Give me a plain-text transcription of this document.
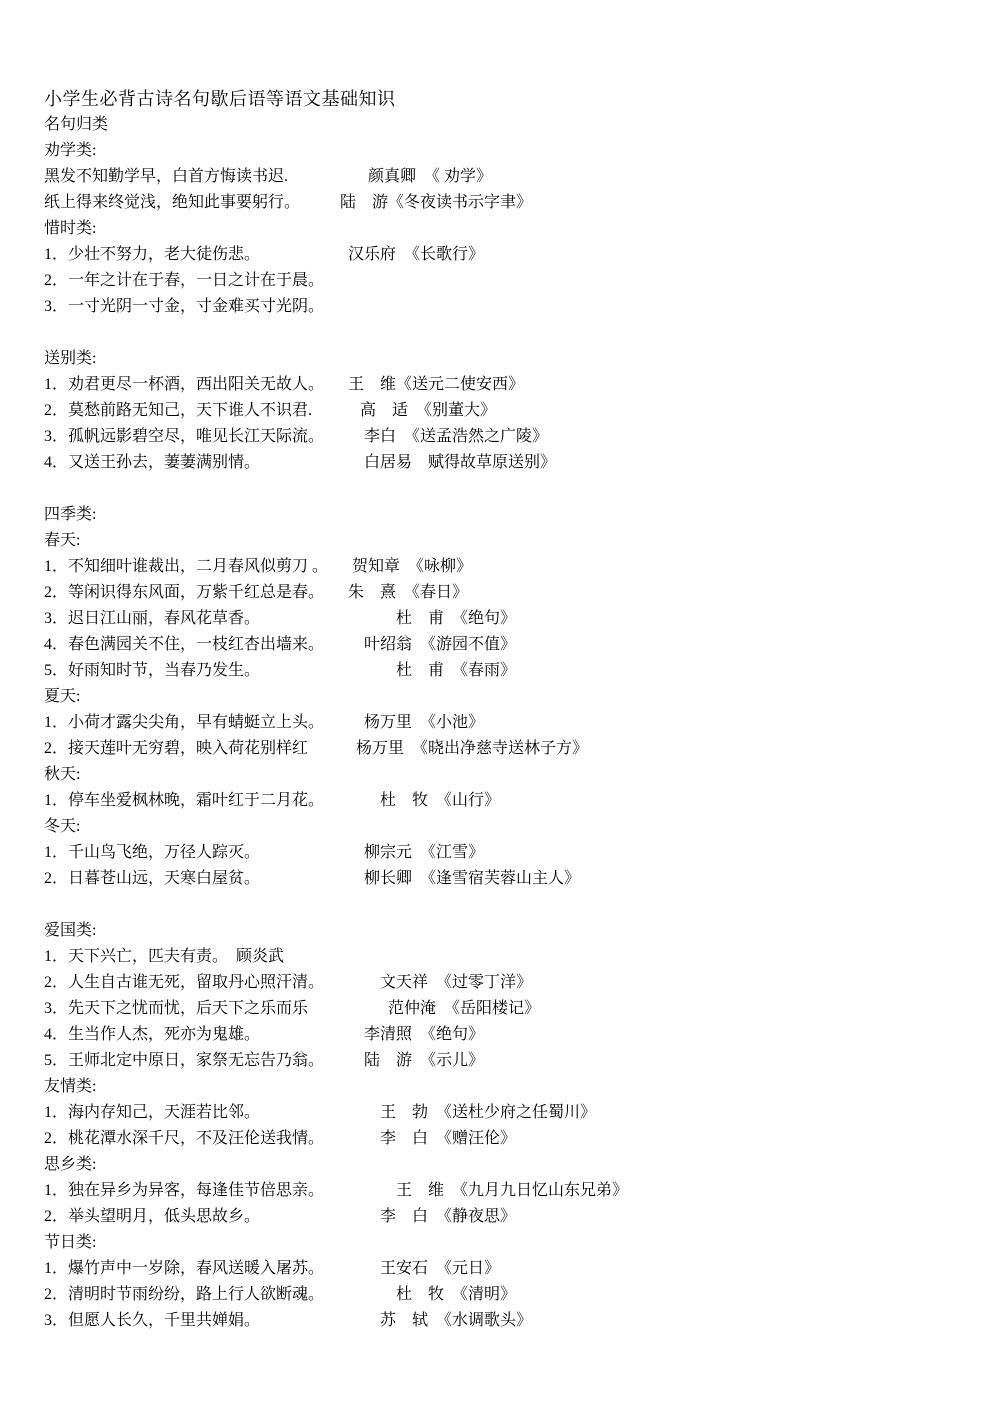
小学生必背古诗名句歇后语等语文基础知识
名句归类
劝学类:
黑发不知勤学早，白首方悔读书迟.　　　　　颜真卿　《 劝学》
纸上得来终觉浅，绝知此事要躬行。　　　陆　游《冬夜读书示字聿》
惜时类:
1．少壮不努力，老大徒伤悲。　　　　　　汉乐府　《长歌行》
2．一年之计在于春，一日之计在于晨。
3．一寸光阴一寸金，寸金难买寸光阴。
送别类:
1．劝君更尽一杯酒，西出阳关无故人。　　王　维《送元二使安西》
2．莫愁前路无知己，天下谁人不识君.　　　高　适　《别董大》
3．孤帆远影碧空尽，唯见长江天际流。　　　李白　《送孟浩然之广陵》
4．又送王孙去，萋萋满别情。　　　　　　　白居易　赋得故草原送别》
四季类:
春天:
1．不知细叶谁裁出，二月春风似剪刀 。　　贺知章　《咏柳》
2．等闲识得东风面，万紫千红总是春。　　朱　熹　《春日》
3．迟日江山丽，春风花草香。　　　　　　　　　杜　甫　《绝句》
4．春色满园关不住，一枝红杏出墙来。　　　叶绍翁　《游园不值》
5．好雨知时节，当春乃发生。　　　　　　　　　杜　甫　《春雨》
夏天:
1．小荷才露尖尖角，早有蜻蜓立上头。　　　杨万里　《小池》
2．接天莲叶无穷碧，映入荷花别样红　　　杨万里　《晓出净慈寺送林子方》
秋天:
1．停车坐爱枫林晚，霜叶红于二月花。　　　　杜　牧　《山行》
冬天:
1．千山鸟飞绝，万径人踪灭。　　　　　　　柳宗元　《江雪》
2．日暮苍山远，天寒白屋贫。　　　　　　　柳长卿　《逢雪宿芙蓉山主人》
爱国类:
1．天下兴亡，匹夫有责。　顾炎武
2．人生自古谁无死，留取丹心照汗清。　　　　文天祥　《过零丁洋》
3．先天下之忧而忧，后天下之乐而乐　　　　　范仲淹　《岳阳楼记》
4．生当作人杰，死亦为鬼雄。　　　　　　　李清照　《绝句》
5．王师北定中原日，家祭无忘告乃翁。　　　陆　游　《示儿》
友情类:
1．海内存知己，天涯若比邻。　　　　　　　　王　勃　《送杜少府之任蜀川》
2．桃花潭水深千尺，不及汪伦送我情。　　　　李　白　《赠汪伦》
思乡类:
1．独在异乡为异客，每逢佳节倍思亲。　　　　　王　维　《九月九日忆山东兄弟》
2．举头望明月，低头思故乡。　　　　　　　　李　白　《静夜思》
节日类:
1．爆竹声中一岁除，春风送暖入屠苏。　　　　王安石　《元日》
2．清明时节雨纷纷，路上行人欲断魂。　　　　　杜　牧　《清明》
3．但愿人长久，千里共婵娟。　　　　　　　　苏　轼　《水调歌头》
